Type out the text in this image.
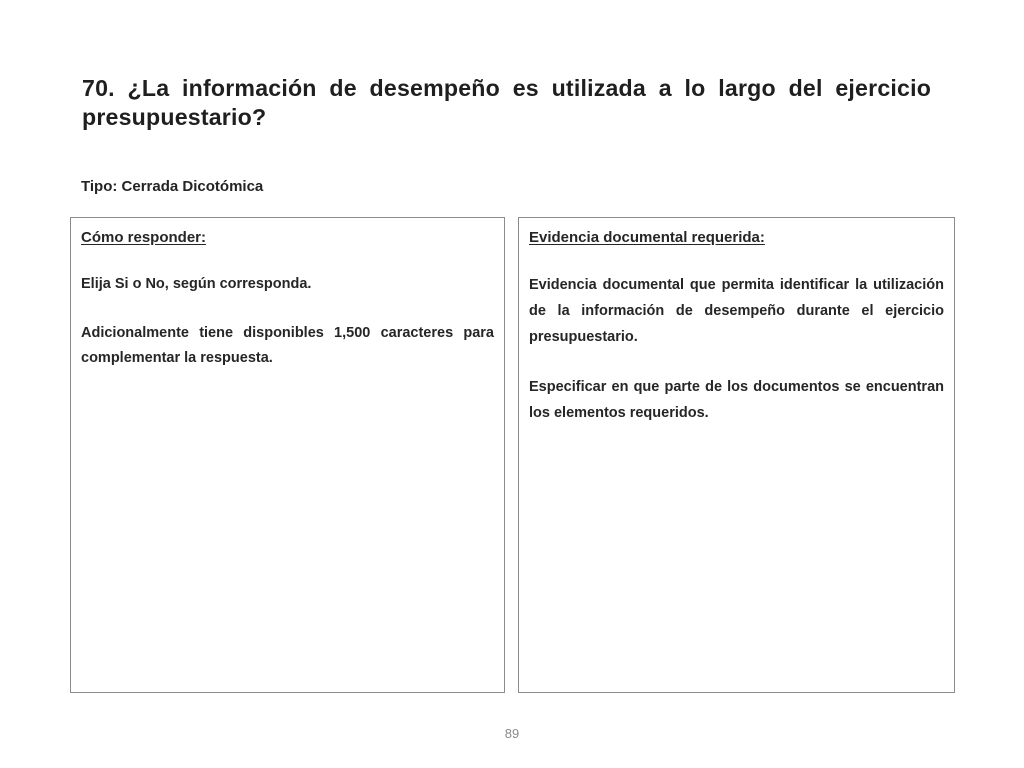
70. ¿La información de desempeño es utilizada a lo largo del ejercicio presupuestario?

Tipo: Cerrada Dicotómica

Cómo responder:

Elija Si o No, según corresponda.

Adicionalmente tiene disponibles 1,500 caracteres para complementar la respuesta.

Evidencia documental requerida:

Evidencia documental que permita identificar la utilización de la información de desempeño durante el ejercicio presupuestario.

Especificar en que parte de los documentos se encuentran los elementos requeridos.

89
